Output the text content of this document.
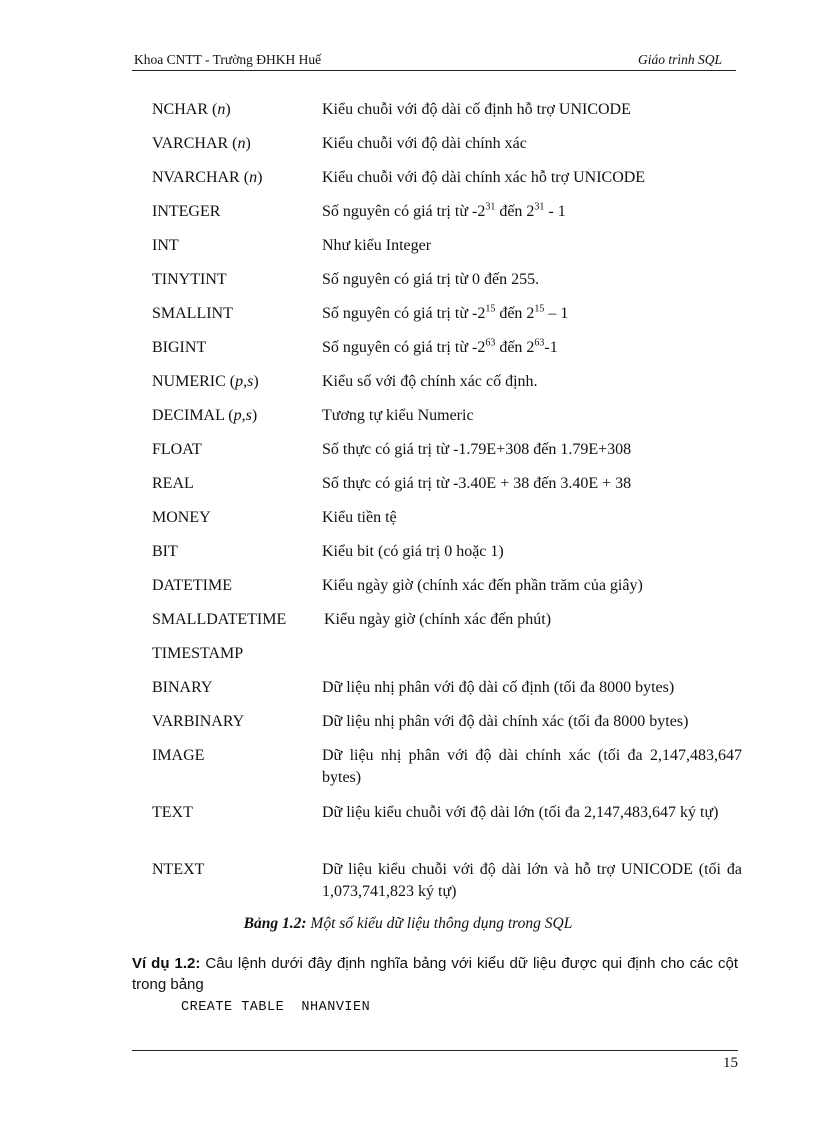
Khoa CNTT - Trường ĐHKH Huế	Giáo trình SQL
NCHAR (n)	Kiểu chuỗi với độ dài cố định hỗ trợ UNICODE
VARCHAR (n)	Kiểu chuỗi với độ dài chính xác
NVARCHAR (n)	Kiểu chuỗi với độ dài chính xác hỗ trợ UNICODE
INTEGER	Số nguyên có giá trị từ $-2^{31}$ đến $2^{31} - 1$
INT	Như kiểu Integer
TINYTINT	Số nguyên có giá trị từ 0 đến 255.
SMALLINT	Số nguyên có giá trị từ $-2^{15}$ đến $2^{15} - 1$
BIGINT	Số nguyên có giá trị từ $-2^{63}$ đến $2^{63}-1$
NUMERIC (p,s)	Kiểu số với độ chính xác cố định.
DECIMAL (p,s)	Tương tự kiểu Numeric
FLOAT	Số thực có giá trị từ -1.79E+308 đến 1.79E+308
REAL	Số thực có giá trị từ -3.40E + 38 đến 3.40E + 38
MONEY	Kiểu tiền tệ
BIT	Kiểu bit (có giá trị 0 hoặc 1)
DATETIME	Kiểu ngày giờ (chính xác đến phần trăm của giây)
SMALLDATETIME Kiểu ngày giờ (chính xác đến phút)
TIMESTAMP
BINARY	Dữ liệu nhị phân với độ dài cố định (tối đa 8000 bytes)
VARBINARY	Dữ liệu nhị phân với độ dài chính xác (tối đa 8000 bytes)
IMAGE	Dữ liệu nhị phân với độ dài chính xác (tối đa 2,147,483,647 bytes)
TEXT	Dữ liệu kiểu chuỗi với độ dài lớn (tối đa 2,147,483,647 ký tự)
NTEXT	Dữ liệu kiểu chuỗi với độ dài lớn và hỗ trợ UNICODE (tối đa 1,073,741,823 ký tự)
Bảng 1.2: Một số kiểu dữ liệu thông dụng trong SQL
Ví dụ 1.2: Câu lệnh dưới đây định nghĩa bảng với kiểu dữ liệu được qui định cho các cột trong bảng
CREATE TABLE  NHANVIEN
15
